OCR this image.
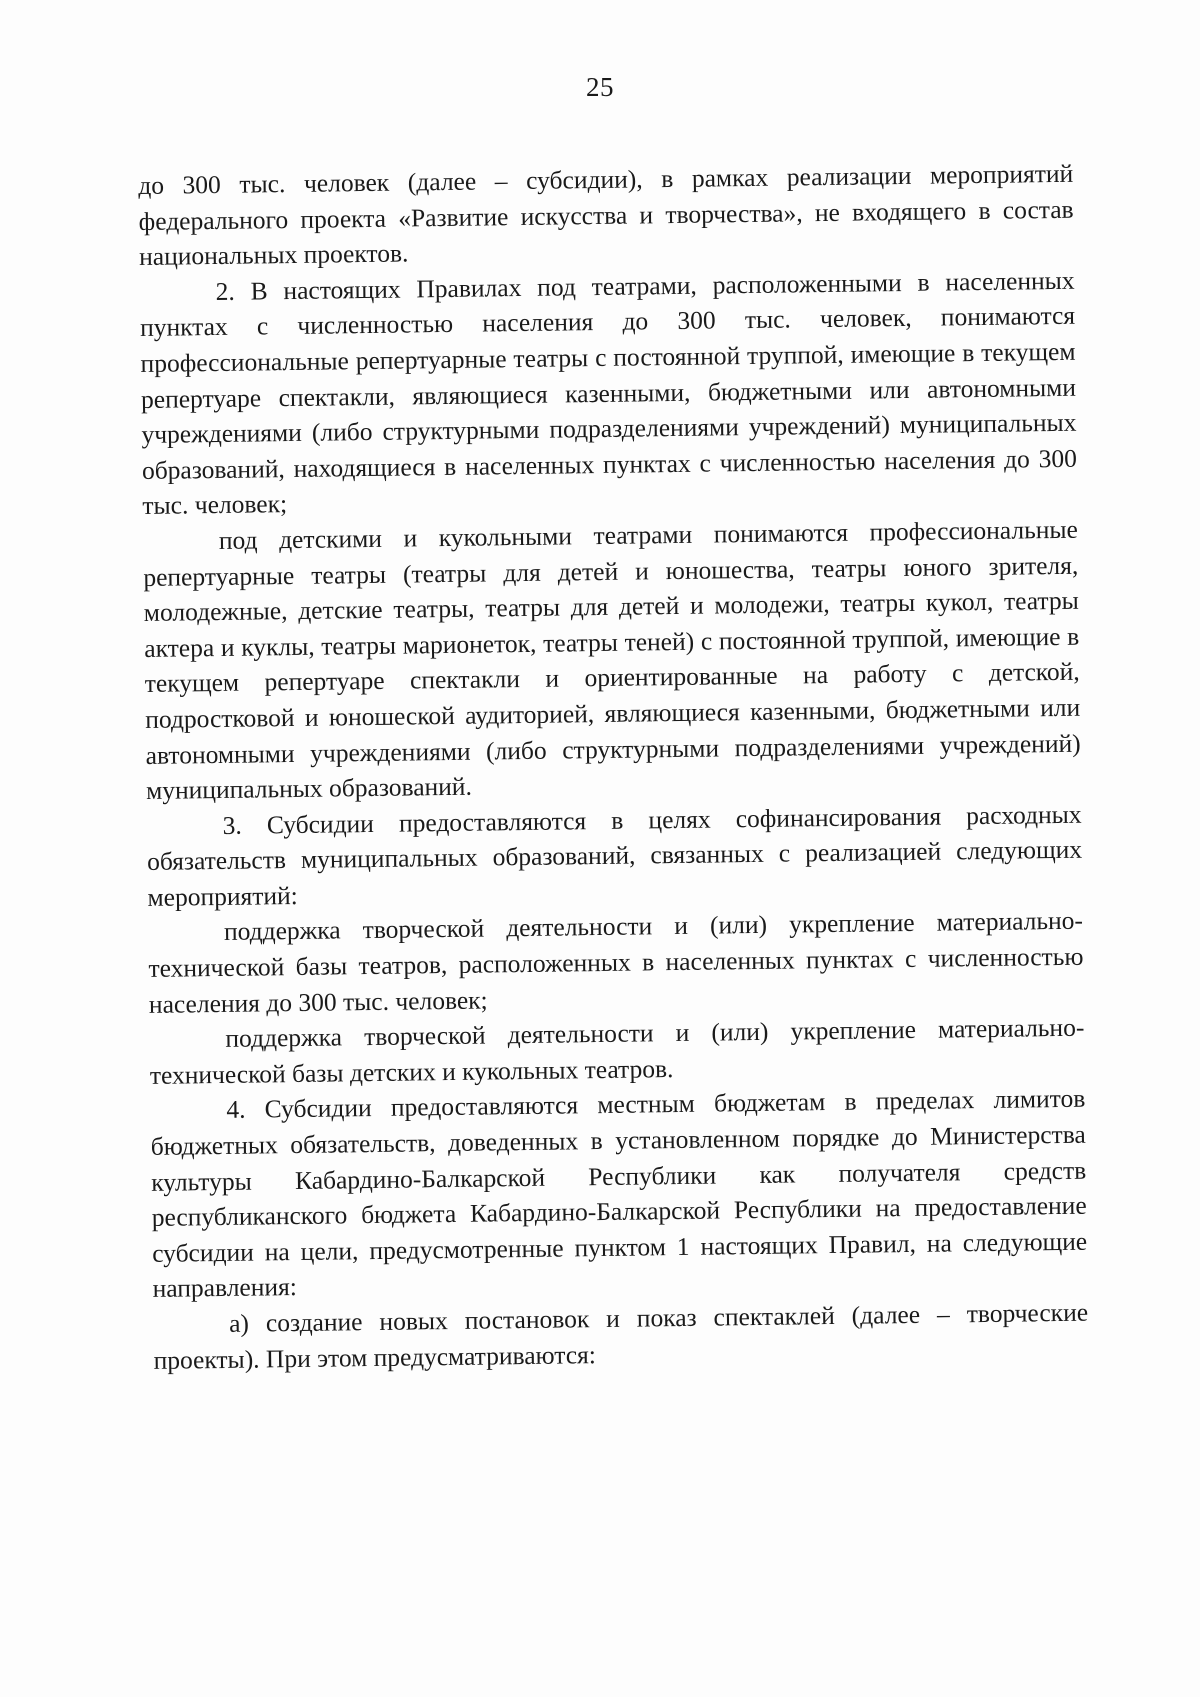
25

до 300 тыс. человек (далее – субсидии), в рамках реализации мероприятий федерального проекта «Развитие искусства и творчества», не входящего в состав национальных проектов.

2. В настоящих Правилах под театрами, расположенными в населенных пунктах с численностью населения до 300 тыс. человек, понимаются профессиональные репертуарные театры с постоянной труппой, имеющие в текущем репертуаре спектакли, являющиеся казенными, бюджетными или автономными учреждениями (либо структурными подразделениями учреждений) муниципальных образований, находящиеся в населенных пунктах с численностью населения до 300 тыс. человек;

под детскими и кукольными театрами понимаются профессиональные репертуарные театры (театры для детей и юношества, театры юного зрителя, молодежные, детские театры, театры для детей и молодежи, театры кукол, театры актера и куклы, театры марионеток, театры теней) с постоянной труппой, имеющие в текущем репертуаре спектакли и ориентированные на работу с детской, подростковой и юношеской аудиторией, являющиеся казенными, бюджетными или автономными учреждениями (либо структурными подразделениями учреждений) муниципальных образований.

3. Субсидии предоставляются в целях софинансирования расходных обязательств муниципальных образований, связанных с реализацией следующих мероприятий:

поддержка творческой деятельности и (или) укрепление материально-технической базы театров, расположенных в населенных пунктах с численностью населения до 300 тыс. человек;

поддержка творческой деятельности и (или) укрепление материально-технической базы детских и кукольных театров.

4. Субсидии предоставляются местным бюджетам в пределах лимитов бюджетных обязательств, доведенных в установленном порядке до Министерства культуры Кабардино-Балкарской Республики как получателя средств республиканского бюджета Кабардино-Балкарской Республики на предоставление субсидии на цели, предусмотренные пунктом 1 настоящих Правил, на следующие направления:

а) создание новых постановок и показ спектаклей (далее – творческие проекты). При этом предусматриваются:
